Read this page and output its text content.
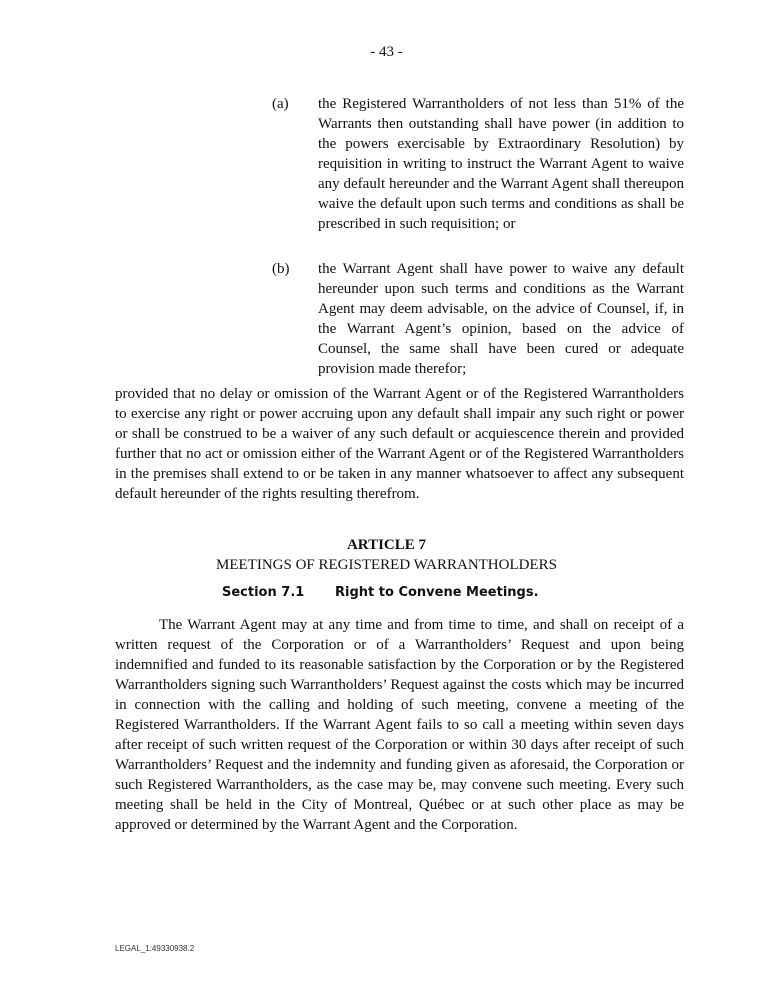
- 43 -
(a) the Registered Warrantholders of not less than 51% of the Warrants then outstanding shall have power (in addition to the powers exercisable by Extraordinary Resolution) by requisition in writing to instruct the Warrant Agent to waive any default hereunder and the Warrant Agent shall thereupon waive the default upon such terms and conditions as shall be prescribed in such requisition; or
(b) the Warrant Agent shall have power to waive any default hereunder upon such terms and conditions as the Warrant Agent may deem advisable, on the advice of Counsel, if, in the Warrant Agent’s opinion, based on the advice of Counsel, the same shall have been cured or adequate provision made therefor;
provided that no delay or omission of the Warrant Agent or of the Registered Warrantholders to exercise any right or power accruing upon any default shall impair any such right or power or shall be construed to be a waiver of any such default or acquiescence therein and provided further that no act or omission either of the Warrant Agent or of the Registered Warrantholders in the premises shall extend to or be taken in any manner whatsoever to affect any subsequent default hereunder of the rights resulting therefrom.
ARTICLE 7
MEETINGS OF REGISTERED WARRANTHOLDERS
Section 7.1 Right to Convene Meetings.
The Warrant Agent may at any time and from time to time, and shall on receipt of a written request of the Corporation or of a Warrantholders’ Request and upon being indemnified and funded to its reasonable satisfaction by the Corporation or by the Registered Warrantholders signing such Warrantholders’ Request against the costs which may be incurred in connection with the calling and holding of such meeting, convene a meeting of the Registered Warrantholders. If the Warrant Agent fails to so call a meeting within seven days after receipt of such written request of the Corporation or within 30 days after receipt of such Warrantholders’ Request and the indemnity and funding given as aforesaid, the Corporation or such Registered Warrantholders, as the case may be, may convene such meeting. Every such meeting shall be held in the City of Montreal, Québec or at such other place as may be approved or determined by the Warrant Agent and the Corporation.
LEGAL_1:49330938.2
